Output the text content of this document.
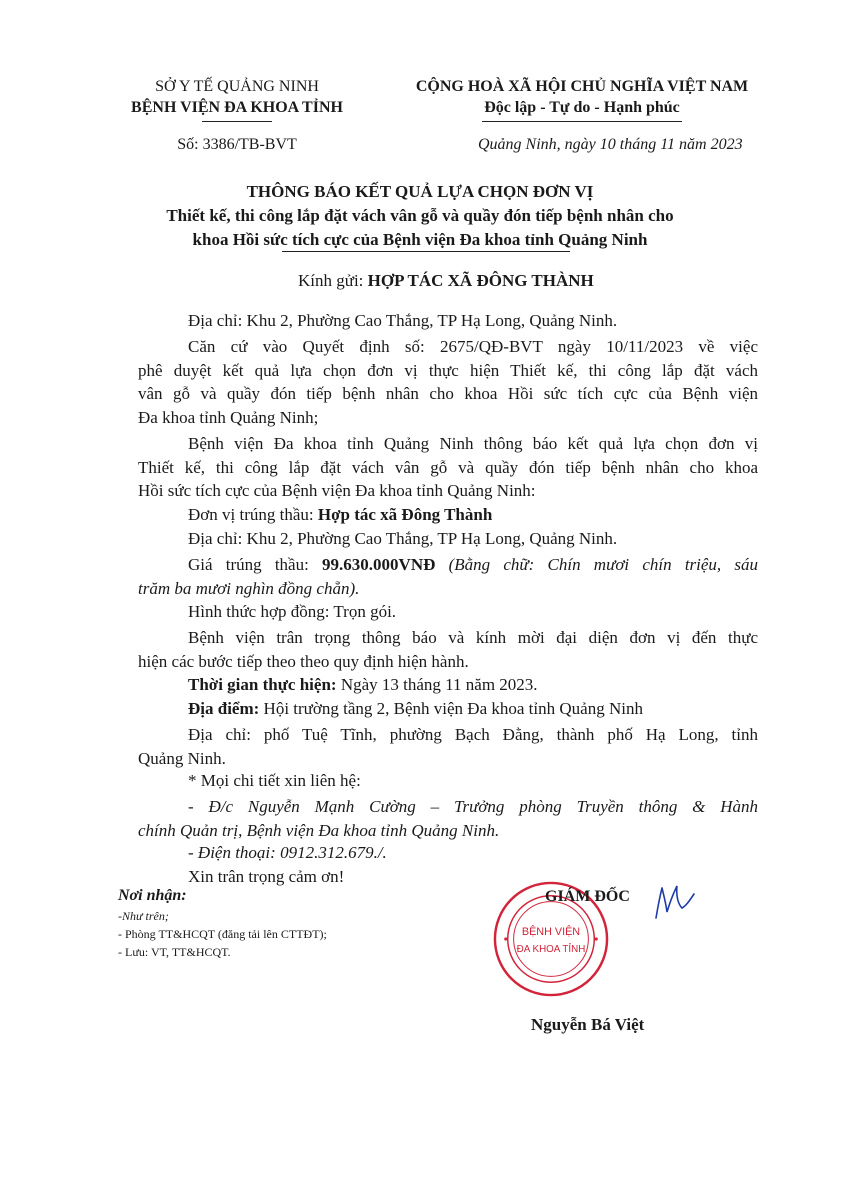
SỞ Y TẾ QUẢNG NINH
BỆNH VIỆN ĐA KHOA TỈNH
Số: 3386/TB-BVT
CỘNG HOÀ XÃ HỘI CHỦ NGHĨA VIỆT NAM
Độc lập - Tự do - Hạnh phúc
Quảng Ninh, ngày 10 tháng 11 năm 2023
THÔNG BÁO KẾT QUẢ LỰA CHỌN ĐƠN VỊ
Thiết kế, thi công lắp đặt vách vân gỗ và quầy đón tiếp bệnh nhân cho
khoa Hồi sức tích cực của Bệnh viện Đa khoa tỉnh Quảng Ninh
Kính gửi: HỢP TÁC XÃ ĐÔNG THÀNH
Địa chỉ: Khu 2, Phường Cao Thắng, TP Hạ Long, Quảng Ninh.
Căn cứ vào Quyết định số: 2675/QĐ-BVT ngày 10/11/2023 về việc
phê duyệt kết quả lựa chọn đơn vị thực hiện Thiết kế, thi công lắp đặt vách
vân gỗ và quầy đón tiếp bệnh nhân cho khoa Hồi sức tích cực của Bệnh viện
Đa khoa tỉnh Quảng Ninh;
Bệnh viện Đa khoa tỉnh Quảng Ninh thông báo kết quả lựa chọn đơn vị
Thiết kế, thi công lắp đặt vách vân gỗ và quầy đón tiếp bệnh nhân cho khoa
Hồi sức tích cực của Bệnh viện Đa khoa tỉnh Quảng Ninh:
Đơn vị trúng thầu: Hợp tác xã Đông Thành
Địa chỉ: Khu 2, Phường Cao Thắng, TP Hạ Long, Quảng Ninh.
Giá trúng thầu: 99.630.000VNĐ (Bằng chữ: Chín mươi chín triệu, sáu
trăm ba mươi nghìn đồng chẵn).
Hình thức hợp đồng: Trọn gói.
Bệnh viện trân trọng thông báo và kính mời đại diện đơn vị đến thực
hiện các bước tiếp theo theo quy định hiện hành.
Thời gian thực hiện: Ngày 13 tháng 11 năm 2023.
Địa điểm: Hội trường tầng 2, Bệnh viện Đa khoa tỉnh Quảng Ninh
Địa chỉ: phố Tuệ Tĩnh, phường Bạch Đằng, thành phố Hạ Long, tỉnh
Quảng Ninh.
* Mọi chi tiết xin liên hệ:
- Đ/c Nguyễn Mạnh Cường – Trưởng phòng Truyền thông & Hành
chính Quản trị, Bệnh viện Đa khoa tỉnh Quảng Ninh.
- Điện thoại: 0912.312.679./.
Xin trân trọng cảm ơn!
Nơi nhận:
-Như trên;
- Phòng TT&HCQT (đăng tải lên CTTĐT);
- Lưu: VT, TT&HCQT.
BỆNH VIỆN
ĐA KHOA TỈNH
GIÁM ĐỐC
Nguyễn Bá Việt
